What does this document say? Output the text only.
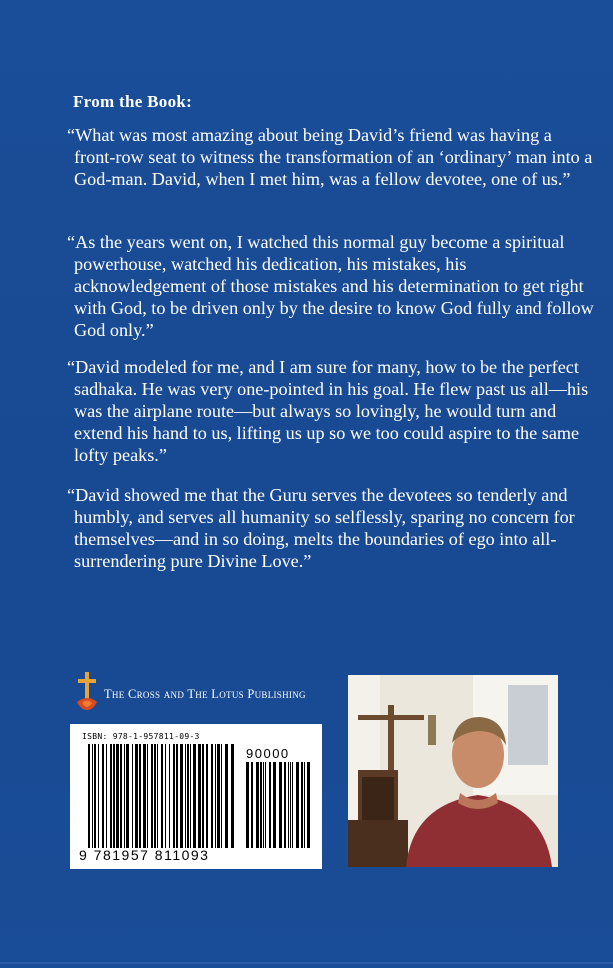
From the Book:

“What was most amazing about being David’s friend was having a front-row seat to witness the transformation of an ‘ordinary’ man into a God-man. David, when I met him, was a fellow devotee, one of us.”

“As the years went on, I watched this normal guy become a spiritual powerhouse, watched his dedication, his mistakes, his acknowledgement of those mistakes and his determination to get right with God, to be driven only by the desire to know God fully and follow God only.”

“David modeled for me, and I am sure for many, how to be the perfect sadhaka. He was very one-pointed in his goal. He flew past us all—his was the airplane route—but always so lovingly, he would turn and extend his hand to us, lifting us up so we too could aspire to the same lofty peaks.”

“David showed me that the Guru serves the devotees so tenderly and humbly, and serves all humanity so selflessly, sparing no concern for themselves—and in so doing, melts the boundaries of ego into all-surrendering pure Divine Love.”

The Cross and The Lotus Publishing
ISBN: 978-1-957811-09-3
90000
9 781957 811093
